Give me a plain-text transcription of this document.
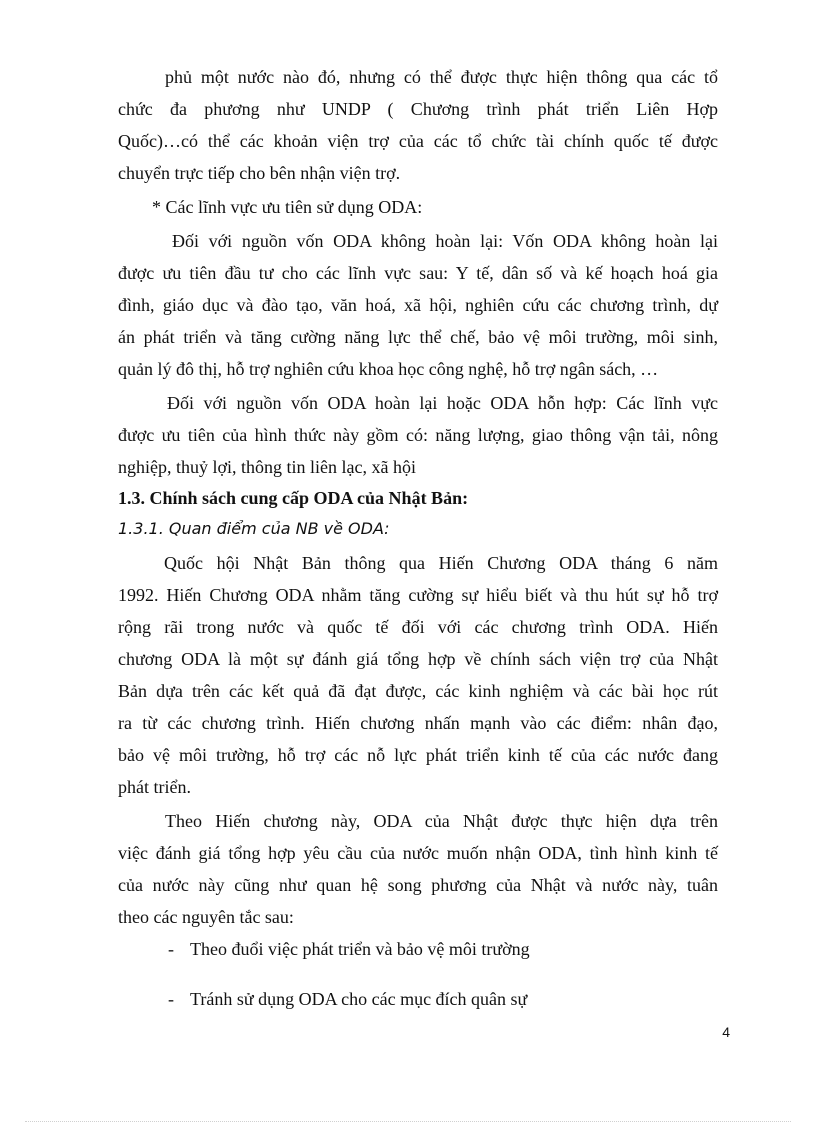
phủ một nước nào đó, nhưng có thể được thực hiện thông qua các tổ
chức đa phương như UNDP ( Chương trình phát triển Liên Hợp
Quốc)…có thể các khoản viện trợ của các tổ chức tài chính quốc tế được
chuyển trực tiếp cho bên nhận viện trợ.
* Các lĩnh vực ưu tiên sử dụng ODA:
Đối với nguồn vốn ODA không hoàn lại: Vốn ODA không hoàn lại
được ưu tiên đầu tư cho các lĩnh vực sau: Y tế, dân số và kế hoạch hoá gia
đình, giáo dục và đào tạo, văn hoá, xã hội, nghiên cứu các chương trình, dự
án phát triển và tăng cường năng lực thể chế, bảo vệ môi trường, môi sinh,
quản lý đô thị, hỗ trợ nghiên cứu khoa học công nghệ, hỗ trợ ngân sách, …
Đối với nguồn vốn ODA hoàn lại hoặc ODA hỗn hợp: Các lĩnh vực
được ưu tiên của hình thức này gồm có: năng lượng, giao thông vận tải, nông
nghiệp, thuỷ lợi, thông tin liên lạc, xã hội
1.3. Chính sách cung cấp ODA của Nhật Bản:
1.3.1. Quan điểm của NB về ODA:
Quốc hội Nhật Bản thông qua Hiến Chương ODA tháng 6 năm
1992. Hiến Chương ODA nhằm tăng cường sự hiểu biết và thu hút sự hỗ trợ
rộng rãi trong nước và quốc tế đối với các chương trình ODA. Hiến
chương ODA là một sự đánh giá tổng hợp về chính sách viện trợ của Nhật
Bản dựa trên các kết quả đã đạt được, các kinh nghiệm và các bài học rút
ra từ các chương trình. Hiến chương nhấn mạnh vào các điểm: nhân đạo,
bảo vệ môi trường, hỗ trợ các nỗ lực phát triển kinh tế của các nước đang
phát triển.
Theo Hiến chương này, ODA của Nhật được thực hiện dựa trên
việc đánh giá tổng hợp yêu cầu của nước muốn nhận ODA, tình hình kinh tế
của nước này cũng như quan hệ song phương của Nhật và nước này, tuân
theo các nguyên tắc sau:
- Theo đuổi việc phát triển và bảo vệ môi trường
- Tránh sử dụng ODA cho các mục đích quân sự
4
